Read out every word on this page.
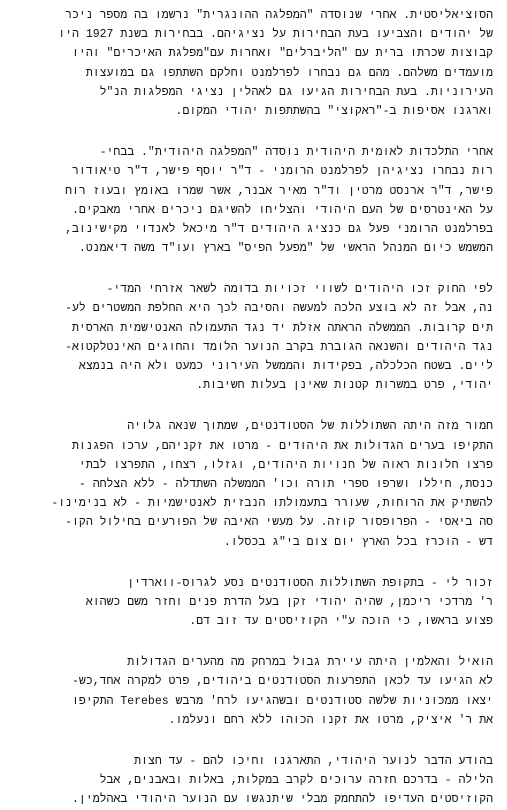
הסוציאליסטית. אחרי שנוסדה "המפלגה ההונגרית" נרשמו בה מספר ניכר
של יהודים והצביעו בעת הבחירות על נציגיהם. בבחירות בשנת 1927 היו
קבוצות שכרתו ברית עם "הליברלים" ואחרות עם"מפלגת האיכרים" והיו
מועמדים משלהם. מהם גם נבחרו לפרלמנט וחלקם השתתפו גם במועצות
העירוניות. בעת הבחירות הגיעו גם לאהלין נציגי המפלגות הנ"ל
וארגנו אסיפות ב-"ראקוצי" בהשתתפות יהודי המקום.
אחרי התלכדות לאומית היהודית נוסדה "המפלגה היהודית". בבחי-
רות נבחרו נציגיהן לפרלמנט הרומני - ד"ר יוסף פישר, ד"ר טיאודור
פישר, ד"ר ארנסט מרטין וד"ר מאיר אבנר, אשר שמרו באומץ ובעוז רוח
על האינטרסים של העם היהודי והצליחו להשיגם ניכרים אחרי מאבקים.
בפרלמנט הרומני פעל גם כנציג היהודים ד"ר מיכאל לאנדוי מקישינוב,
המשמש כיום המנהל הראשי של "מפעל הפיס" בארץ ועו"ד משה דיאמנט.
לפי החוק זכו היהודים לשווי זכויות בדומה לשאר אזרחי המדי-
נה, אבל זה לא בוצע הלכה למעשה והסיבה לכך היא החלפת המשטרים לע-
תים קרובות. הממשלה הראתה אזלת יד נגד התעמולה האנטישמית הארסית
נגד היהודים והשנאה הגוברת בקרב הנוער הלומד והחוגים האינטלקטוא-
ליים. בשטח הכלכלה, בפקידות והממשל העירוני כמעט ולא היה בנמצא
יהודי, פרט במשרות קטנות שאינן בעלות חשיבות.
חמור מזה היתה השתוללות של הסטודנטים, שמתוך שנאה גלויה
התקיפו בערים הגדולות את היהודים - מרטו את זקניהם, ערכו הפגנות
פרצו חלונות ראוה של חנויות היהודים, וגזלו, רצחו, התפרצו לבתי
כנסת, חיללו ושרפו ספרי תורה וכו' הממשלה השתדלה - ללא הצלחה -
להשתיק את הרוחות, שעורר בתעמולתו הנבזית לאנטישמיות - לא בנימינו-
סה ביאסי - הפרופסור קוזה. על מעשי האיבה של הפורעים בחילול הקו-
דש - הוכרז בכל הארץ יום צום בי"ג בכסלו.
זכור לי - בתקופת השתוללות הסטודנטים נסע לגרוס-ווארדין
ר' מרדכי ריכמן, שהיה יהודי זקן בעל הדרת פנים וחזר משם כשהוא
פצוע בראשו, כי הוכה ע"י הקוזיסטים עד זוב דם.
הואיל והאלמין היתה עיירת גבול במרחק מה מהערים הגדולות
לא הגיעו עד לכאן התפרעות הסטודנטים ביהודים, פרט למקרה אחד,כש-
יצאו ממכוניות שלשה סטודנטים ובשהגיעו לרח' מרבש Terebes התקיפו
את ר' איציק, מרטו את זקנו הכוהו ללא רחם ונעלמו.
בהודע הדבר לנוער היהודי, התארגנו וחיכו להם - עד חצות
הלילה - בדרכם חזרה ערוכים לקרב במקלות, באלות ובאבנים, אבל
הקוזיסטים העדיפו להתחמק מבלי שיתנגשו עם הנוער היהודי באהלמין.
